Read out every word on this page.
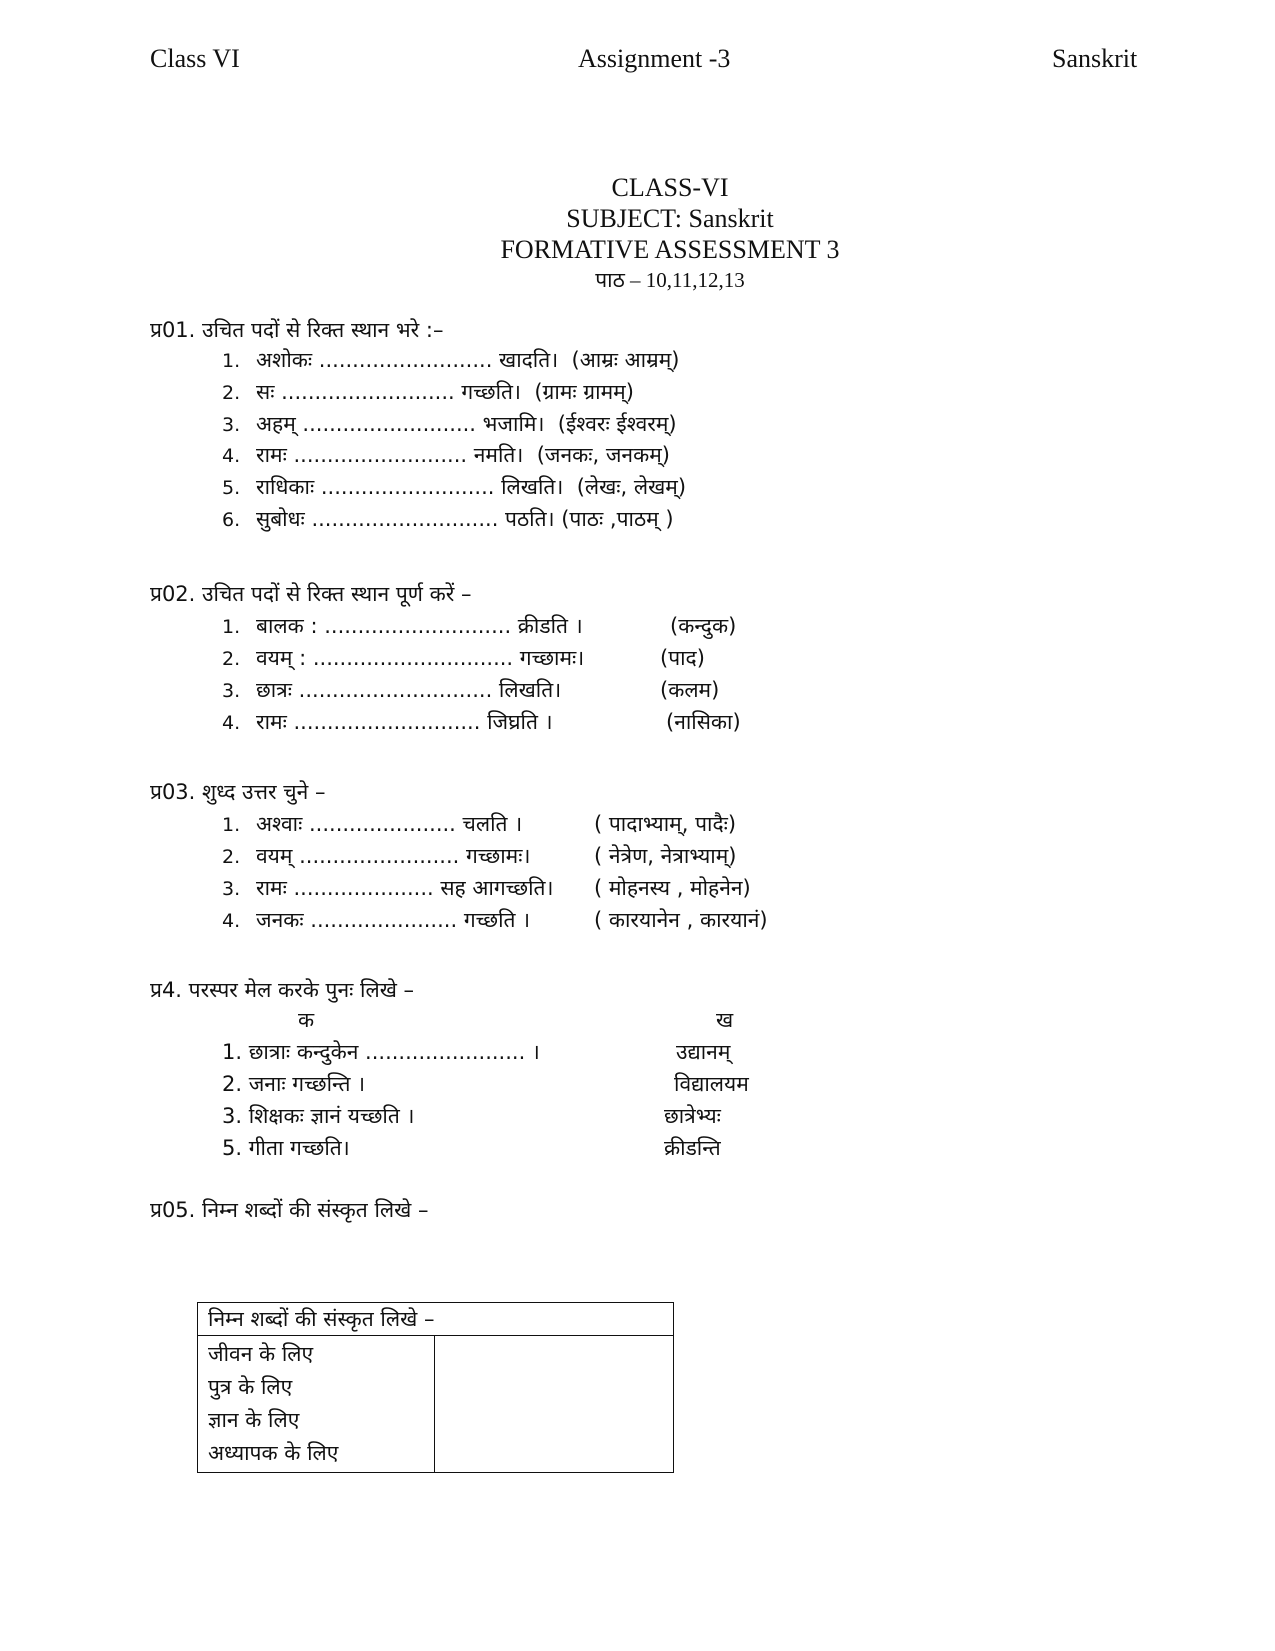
Class VI	Assignment -3	Sanskrit
CLASS-VI
SUBJECT: Sanskrit
FORMATIVE ASSESSMENT 3
पाठ – 10,11,12,13
प्र01. उचित पदों से रिक्त स्थान भरे :–
1. अशोकः .......................... खादति। (आम्रः आम्रम्)
2. सः .......................... गच्छति। (ग्रामः ग्रामम्)
3. अहम् .......................... भजामि। (ईश्वरः ईश्वरम्)
4. रामः .......................... नमति। (जनकः, जनकम्)
5. राधिकाः .......................... लिखति। (लेखः, लेखम्)
6. सुबोधः ............................ पठति। (पाठः ,पाठम् )
प्र02. उचित पदों से रिक्त स्थान पूर्ण करें –
1. बालक : ............................ क्रीडति ।	(कन्दुक)
2. वयम् : .............................. गच्छामः।	(पाद)
3. छात्रः ............................. लिखति।	(कलम)
4. रामः ............................ जिघ्रति ।	(नासिका)
प्र03. शुध्द उत्तर चुने –
1. अश्वाः ...................... चलति ।	( पादाभ्याम्, पादैः)
2. वयम् ........................ गच्छामः।	( नेत्रेण, नेत्राभ्याम्)
3. रामः ..................... सह आगच्छति। ( मोहनस्य , मोहनेन)
4. जनकः ...................... गच्छति ।	( कारयानेन , कारयानं)
प्र4. परस्पर मेल करके पुनः लिखे –
क	ख
1. छात्राः कन्दुकेन ........................ ।	उद्यानम्
2. जनाः गच्छन्ति ।	विद्यालयम
3. शिक्षकः ज्ञानं यच्छति ।	छात्रेभ्यः
5. गीता गच्छति।	क्रीडन्ति
प्र05. निम्न शब्दों की संस्कृत लिखे –
निम्न शब्दों की संस्कृत लिखे –

जीवन के लिए
पुत्र के लिए
ज्ञान के लिए
अध्यापक के लिए
